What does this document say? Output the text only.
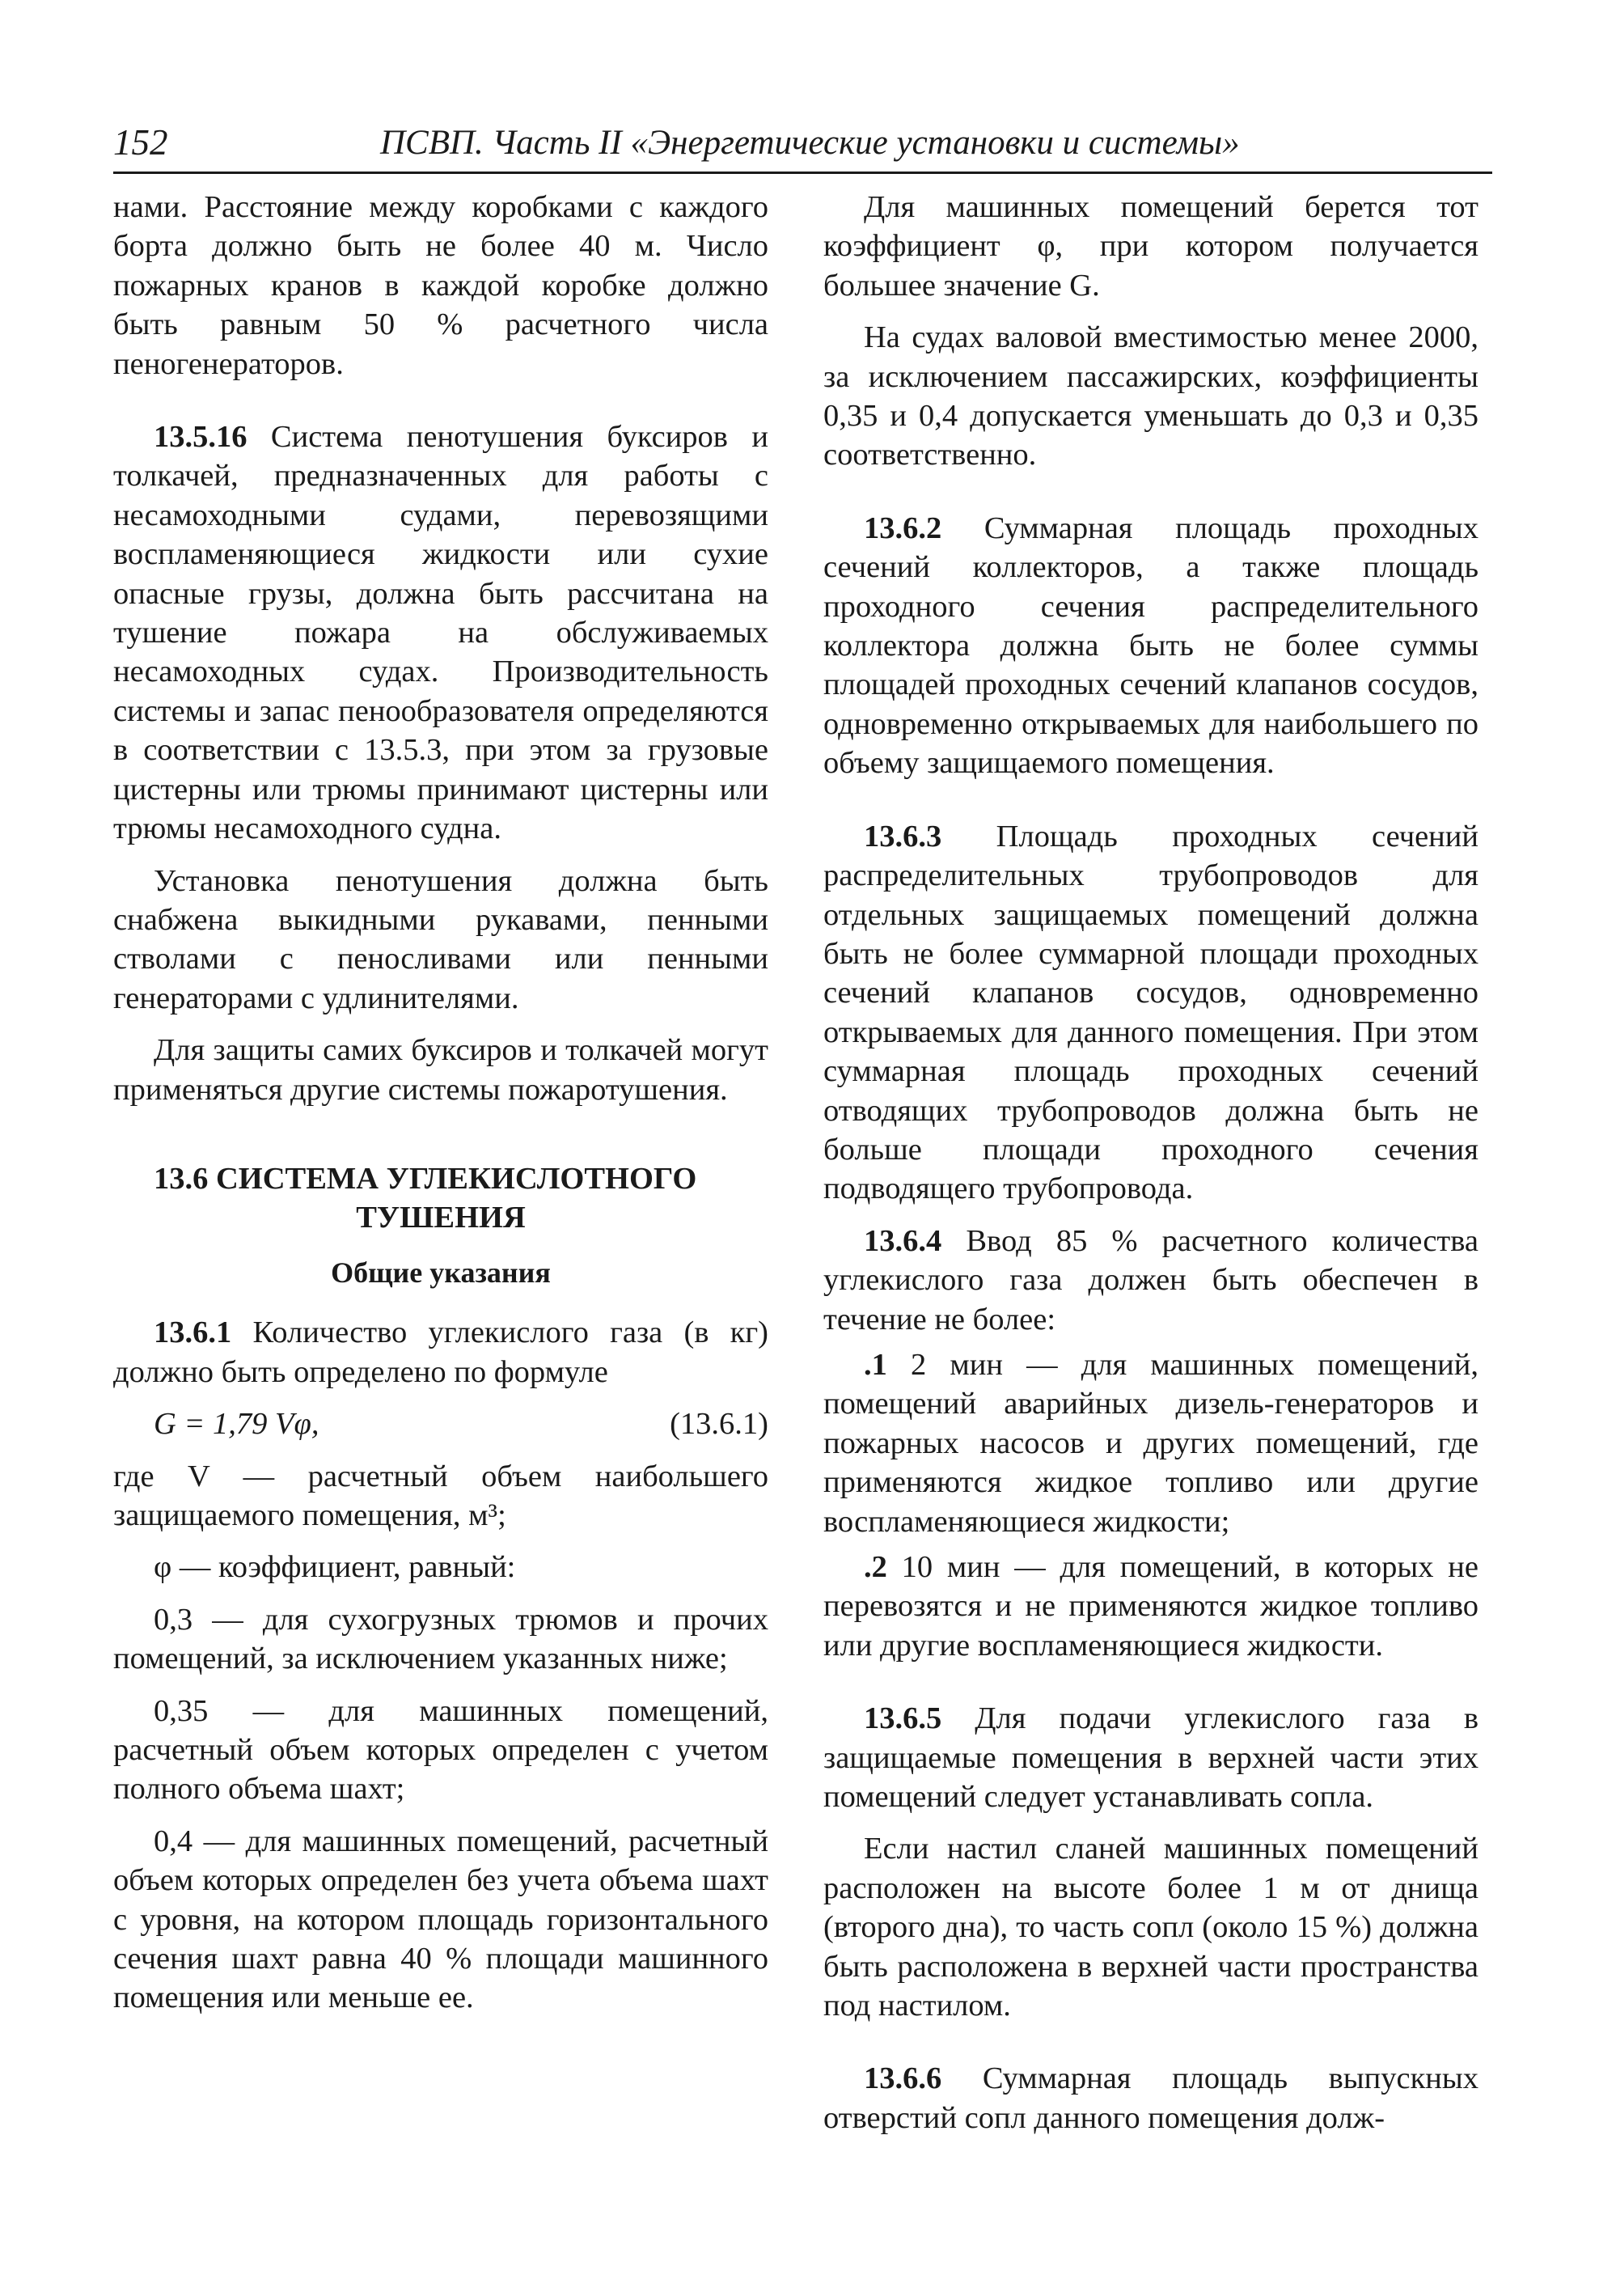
152	ПСВП. Часть II «Энергетические установки и системы»

нами. Расстояние между коробками с каждого борта должно быть не более 40 м. Число пожарных кранов в каждой коробке должно быть равным 50 % расчетного числа пеногенераторов.

13.5.16 Система пенотушения буксиров и толкачей, предназначенных для работы с несамоходными судами, перевозящими воспламеняющиеся жидкости или сухие опасные грузы, должна быть рассчитана на тушение пожара на обслуживаемых несамоходных судах. Производительность системы и запас пенообразователя определяются в соответствии с 13.5.3, при этом за грузовые цистерны или трюмы принимают цистерны или трюмы несамоходного судна.

Установка пенотушения должна быть снабжена выкидными рукавами, пенными стволами с пеносливами или пенными генераторами с удлинителями.

Для защиты самих буксиров и толкачей могут применяться другие системы пожаротушения.

13.6 СИСТЕМА УГЛЕКИСЛОТНОГО
ТУШЕНИЯ
Общие указания

13.6.1 Количество углекислого газа (в кг) должно быть определено по формуле

G = 1,79 Vφ,	(13.6.1)

где V — расчетный объем наибольшего защищаемого помещения, м³;

φ — коэффициент, равный:

0,3 — для сухогрузных трюмов и прочих помещений, за исключением указанных ниже;

0,35 — для машинных помещений, расчетный объем которых определен с учетом полного объема шахт;

0,4 — для машинных помещений, расчетный объем которых определен без учета объема шахт с уровня, на котором площадь горизонтального сечения шахт равна 40 % площади машинного помещения или меньше ее.

Для машинных помещений берется тот коэффициент φ, при котором получается большее значение G.

На судах валовой вместимостью менее 2000, за исключением пассажирских, коэффициенты 0,35 и 0,4 допускается уменьшать до 0,3 и 0,35 соответственно.

13.6.2 Суммарная площадь проходных сечений коллекторов, а также площадь проходного сечения распределительного коллектора должна быть не более суммы площадей проходных сечений клапанов сосудов, одновременно открываемых для наибольшего по объему защищаемого помещения.

13.6.3 Площадь проходных сечений распределительных трубопроводов для отдельных защищаемых помещений должна быть не более суммарной площади проходных сечений клапанов сосудов, одновременно открываемых для данного помещения. При этом суммарная площадь проходных сечений отводящих трубопроводов должна быть не больше площади проходного сечения подводящего трубопровода.

13.6.4 Ввод 85 % расчетного количества углекислого газа должен быть обеспечен в течение не более:

.1 2 мин — для машинных помещений, помещений аварийных дизель-генераторов и пожарных насосов и других помещений, где применяются жидкое топливо или другие воспламеняющиеся жидкости;

.2 10 мин — для помещений, в которых не перевозятся и не применяются жидкое топливо или другие воспламеняющиеся жидкости.

13.6.5 Для подачи углекислого газа в защищаемые помещения в верхней части этих помещений следует устанавливать сопла.

Если настил сланей машинных помещений расположен на высоте более 1 м от днища (второго дна), то часть сопл (около 15 %) должна быть расположена в верхней части пространства под настилом.

13.6.6 Суммарная площадь выпускных отверстий сопл данного помещения долж-
